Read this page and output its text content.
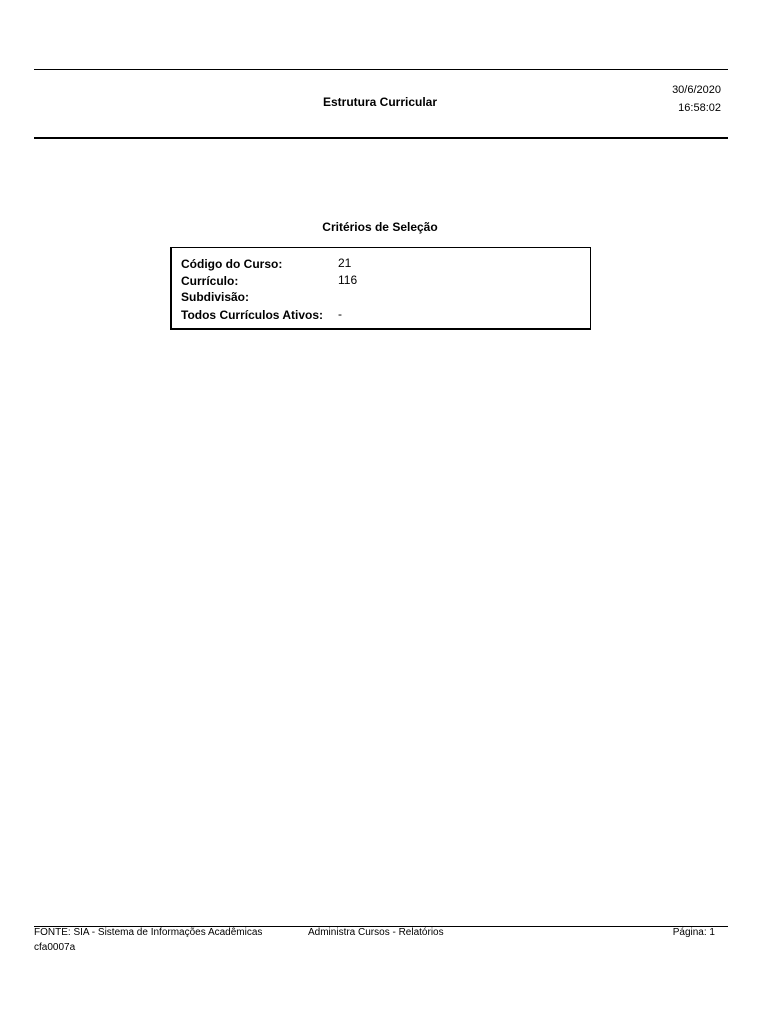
Estrutura Curricular
30/6/2020
16:58:02
Critérios de Seleção
Código do Curso:	21
Currículo:	116
Subdivisão:
Todos Currículos Ativos: -
FONTE: SIA - Sistema de Informações Acadêmicas	Administra Cursos - Relatórios	Página: 1
cfa0007a
